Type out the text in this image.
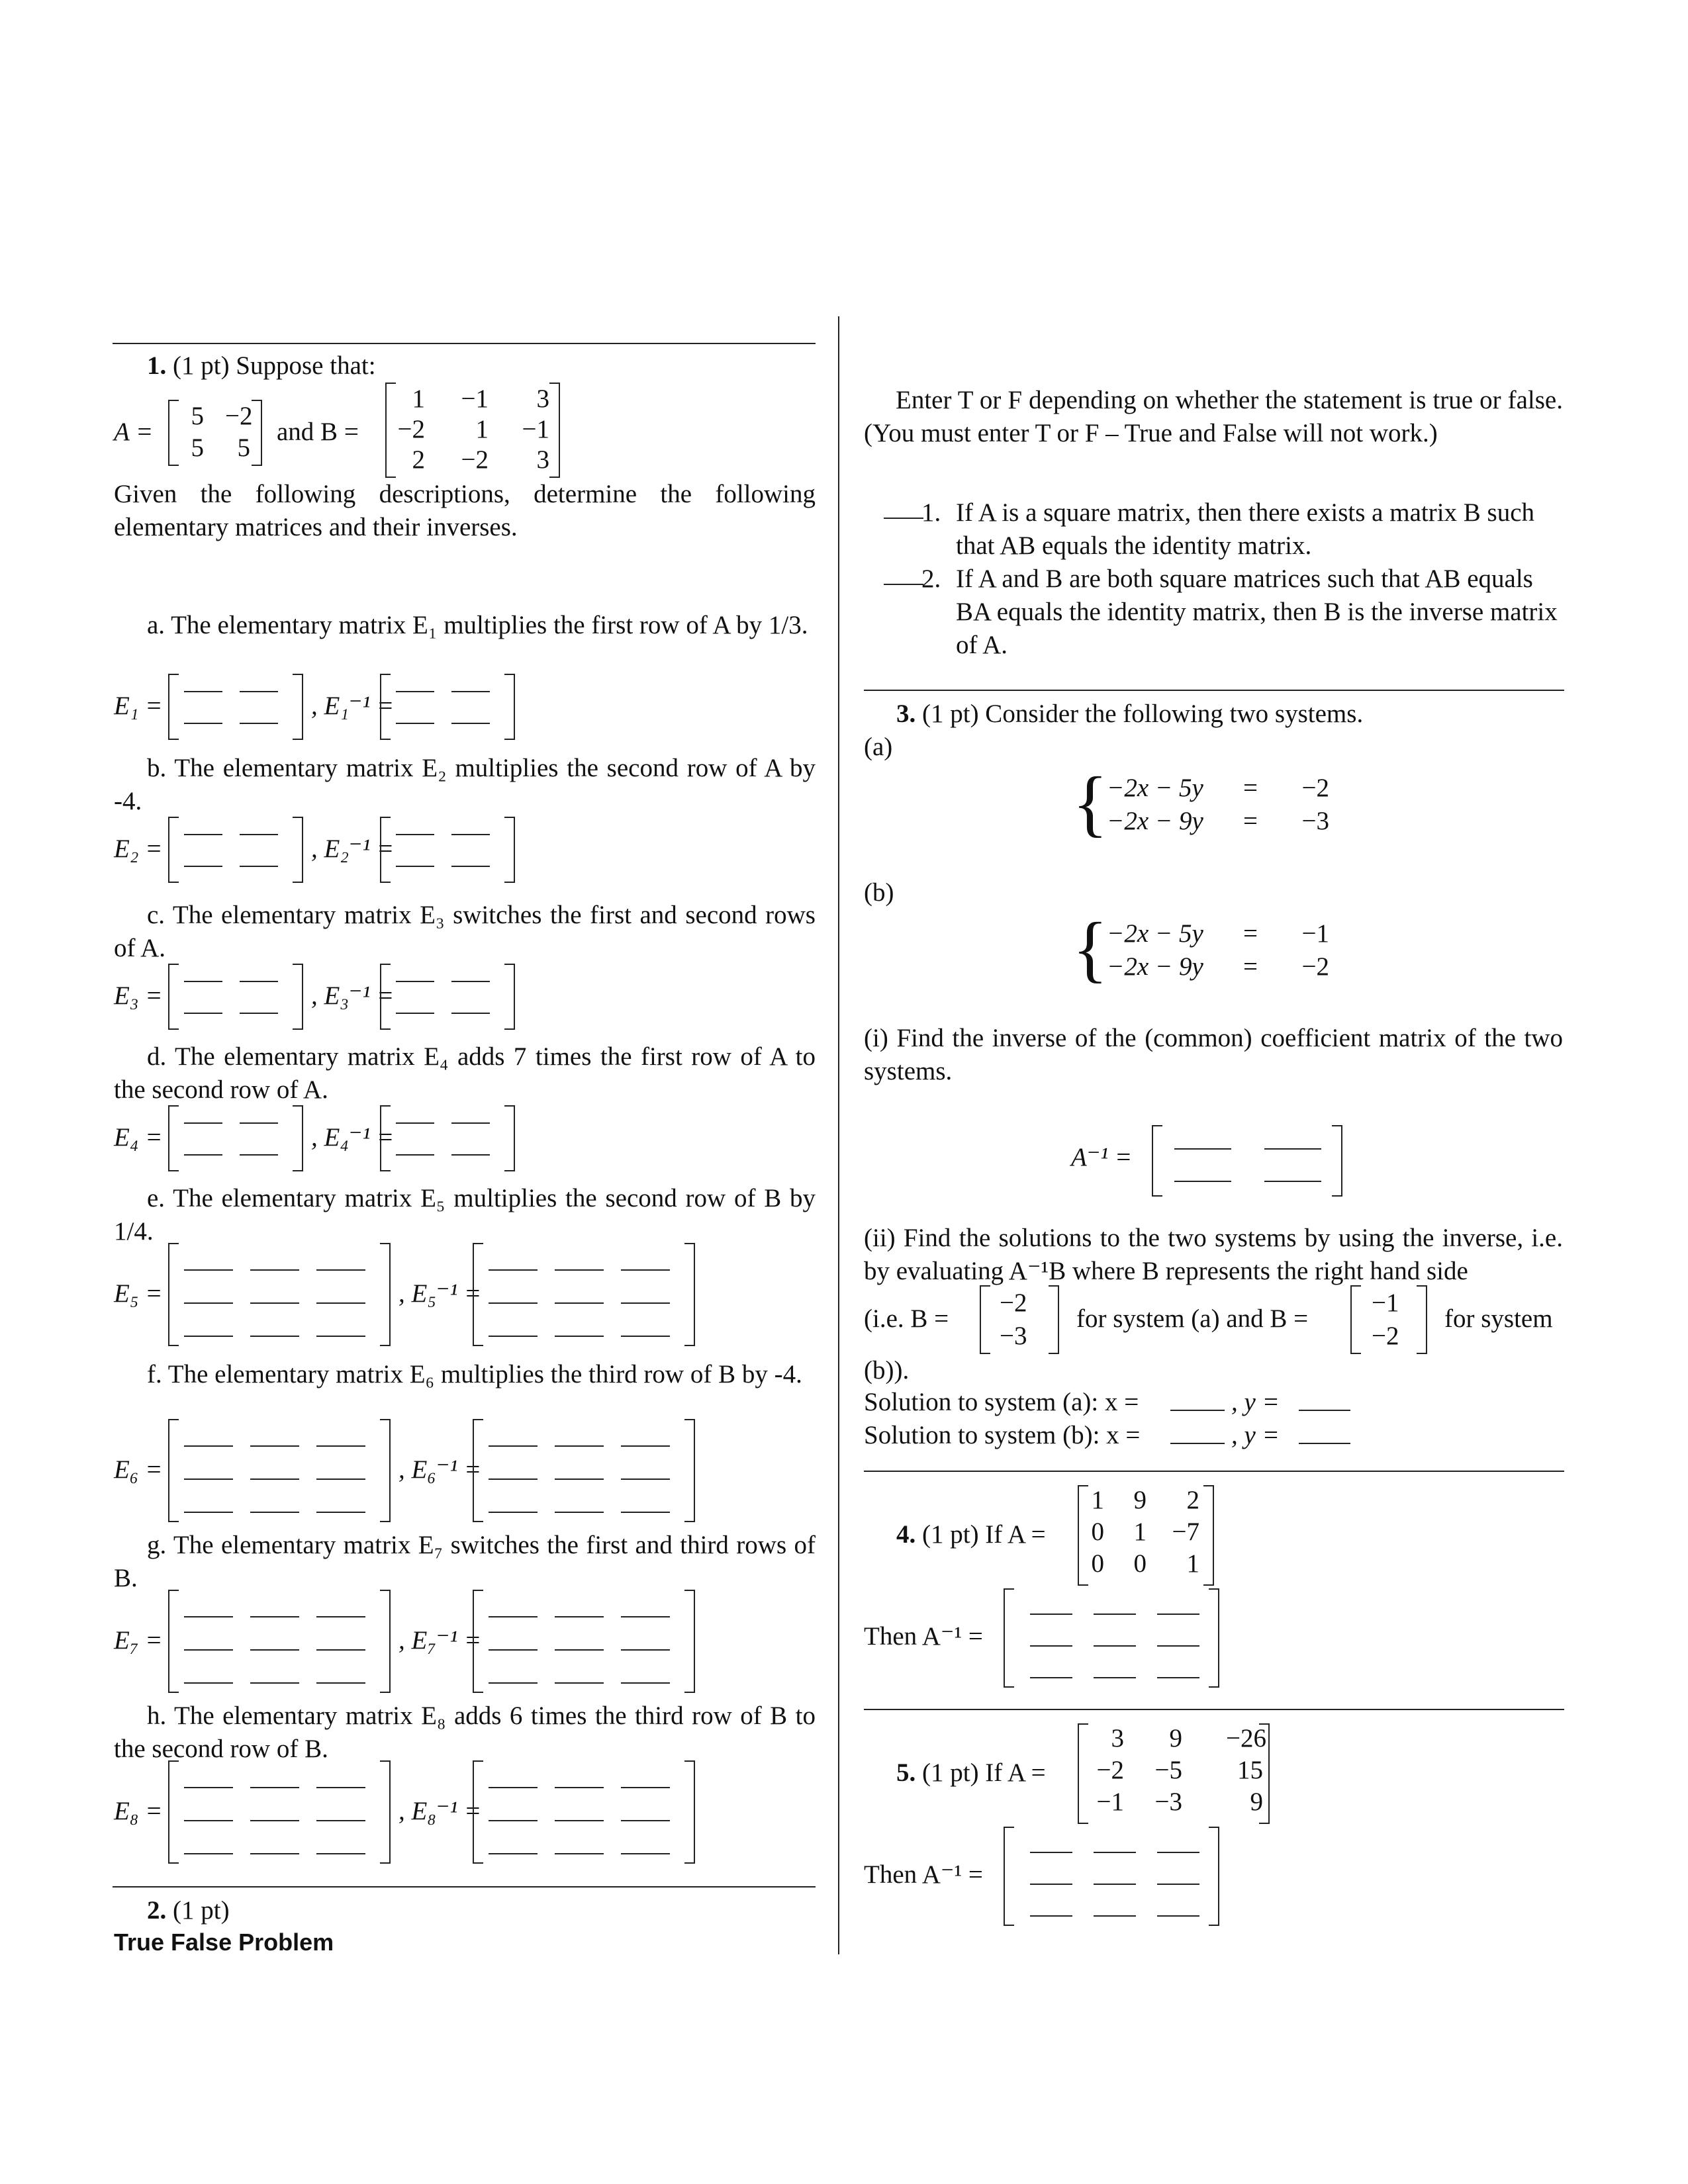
1. (1 pt) Suppose that:
A =
5 −2
5	5
and B =
1 −1	3
−2	1 −1
2 −2	3
Given the following descriptions, determine the following elementary matrices and their inverses.
a. The elementary matrix E₁ multiplies the first row of A by 1/3.
E₁ =	, E₁⁻¹ =
b. The elementary matrix E₂ multiplies the second row of A by -4.
E₂ =	, E₂⁻¹ =
c. The elementary matrix E₃ switches the first and second rows of A.
E₃ =	, E₃⁻¹ =
d. The elementary matrix E₄ adds 7 times the first row of A to the second row of A.
E₄ =	, E₄⁻¹ =
e. The elementary matrix E₅ multiplies the second row of B by 1/4.
E₅ =	, E₅⁻¹ =
f. The elementary matrix E₆ multiplies the third row of B by -4.
E₆ =	, E₆⁻¹ =
g. The elementary matrix E₇ switches the first and third rows of B.
E₇ =	, E₇⁻¹ =
h. The elementary matrix E₈ adds 6 times the third row of B to the second row of B.
E₈ =	, E₈⁻¹ =
2. (1 pt)
True False Problem
Enter T or F depending on whether the statement is true or false. (You must enter T or F – True and False will not work.)
1. If A is a square matrix, then there exists a matrix B such that AB equals the identity matrix.
2. If A and B are both square matrices such that AB equals BA equals the identity matrix, then B is the inverse matrix of A.
3. (1 pt) Consider the following two systems.
(a)
{
−2x − 5y =	−2
−2x − 9y =	−3
(b)
{
−2x − 5y =	−1
−2x − 9y =	−2
(i) Find the inverse of the (common) coefficient matrix of the two systems.
A⁻¹ =
(ii) Find the solutions to the two systems by using the inverse, i.e. by evaluating A⁻¹B where B represents the right hand side
(i.e. B =
−2
−3
for system (a) and B =
−1
−2
for system
(b)).
Solution to system (a): x =	, y =
Solution to system (b): x =	, y =
4. (1 pt) If A =
1	9	2
0	1 −7
0	0	1
Then A⁻¹ =
5. (1 pt) If A =
3	9 −26
−2	−5	15
−1	−3	9
Then A⁻¹ =
